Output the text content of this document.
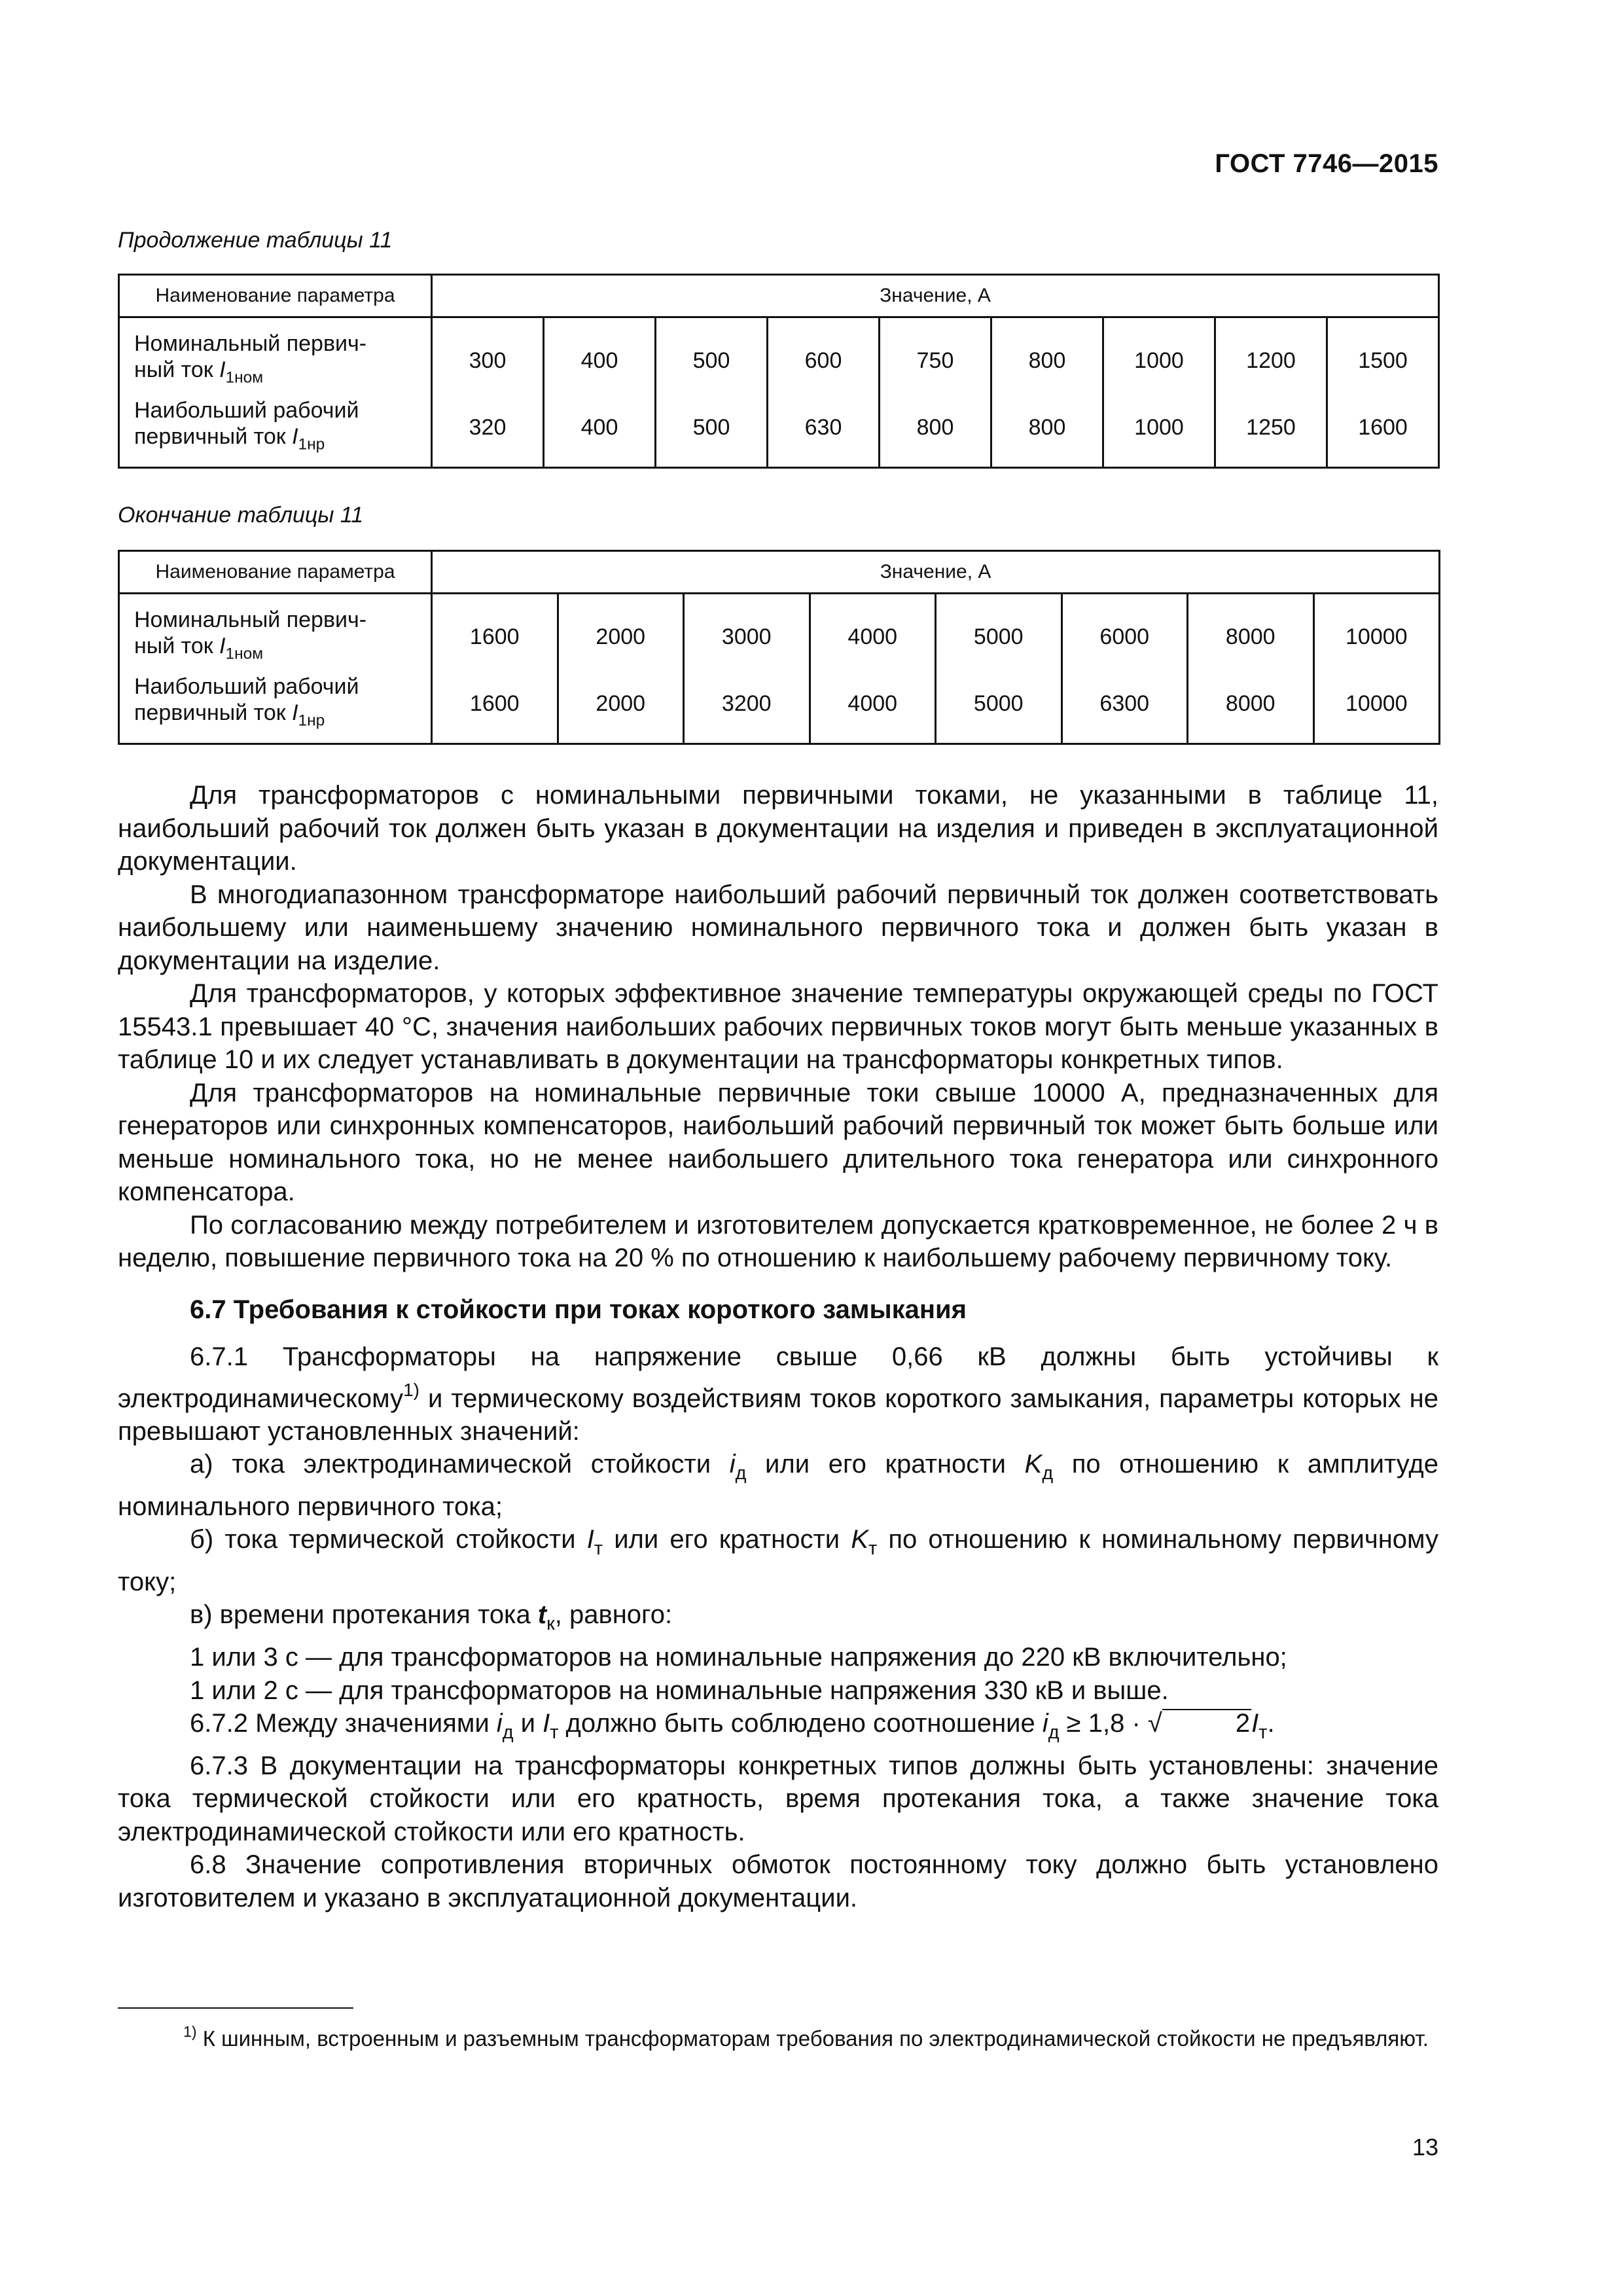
ГОСТ 7746—2015
Продолжение таблицы 11
Наименование параметра	Значение, А								
Номинальный первич-
ный ток $I_{1ном}$	300	400	500	600	750	800	1000	1200	1500
Наибольший рабочий
первичный ток $I_{1нр}$	320	400	500	630	800	800	1000	1250	1600
Окончание таблицы 11
Наименование параметра	Значение, А							
Номинальный первич-
ный ток $I_{1ном}$	1600	2000	3000	4000	5000	6000	8000	10000
Наибольший рабочий
первичный ток $I_{1нр}$	1600	2000	3200	4000	5000	6300	8000	10000

Для трансформаторов с номинальными первичными токами, не указанными в таблице 11, наибольший рабочий ток должен быть указан в документации на изделия и приведен в эксплуатационной документации.

В многодиапазонном трансформаторе наибольший рабочий первичный ток должен соответствовать наибольшему или наименьшему значению номинального первичного тока и должен быть указан в документации на изделие.

Для трансформаторов, у которых эффективное значение температуры окружающей среды по ГОСТ 15543.1 превышает 40 °С, значения наибольших рабочих первичных токов могут быть меньше указанных в таблице 10 и их следует устанавливать в документации на трансформаторы конкретных типов.

Для трансформаторов на номинальные первичные токи свыше 10000 А, предназначенных для генераторов или синхронных компенсаторов, наибольший рабочий первичный ток может быть больше или меньше номинального тока, но не менее наибольшего длительного тока генератора или синхронного компенсатора.

По согласованию между потребителем и изготовителем допускается кратковременное, не более 2 ч в неделю, повышение первичного тока на 20 % по отношению к наибольшему рабочему первичному току.

6.7 Требования к стойкости при токах короткого замыкания

6.7.1 Трансформаторы на напряжение свыше 0,66 кВ должны быть устойчивы к электродинамическому$^{1)}$ и термическому воздействиям токов короткого замыкания, параметры которых не превышают установленных значений:

а) тока электродинамической стойкости $i_д$ или его кратности $K_д$ по отношению к амплитуде номинального первичного тока;

б) тока термической стойкости $I_т$ или его кратности $K_т$ по отношению к номинальному первичному току;

в) времени протекания тока $t_к$, равного:

1 или 3 с — для трансформаторов на номинальные напряжения до 220 кВ включительно;

1 или 2 с — для трансформаторов на номинальные напряжения 330 кВ и выше.

6.7.2 Между значениями $i_д$ и $I_т$ должно быть соблюдено соотношение $i_д \ge 1,8$ · √	$2I_т$.

6.7.3 В документации на трансформаторы конкретных типов должны быть установлены: значение тока термической стойкости или его кратность, время протекания тока, а также значение тока электродинамической стойкости или его кратность.

6.8 Значение сопротивления вторичных обмоток постоянному току должно быть установлено изготовителем и указано в эксплуатационной документации.

$^{1)}$ К шинным, встроенным и разъемным трансформаторам требования по электродинамической стойкости не предъявляют.
13
